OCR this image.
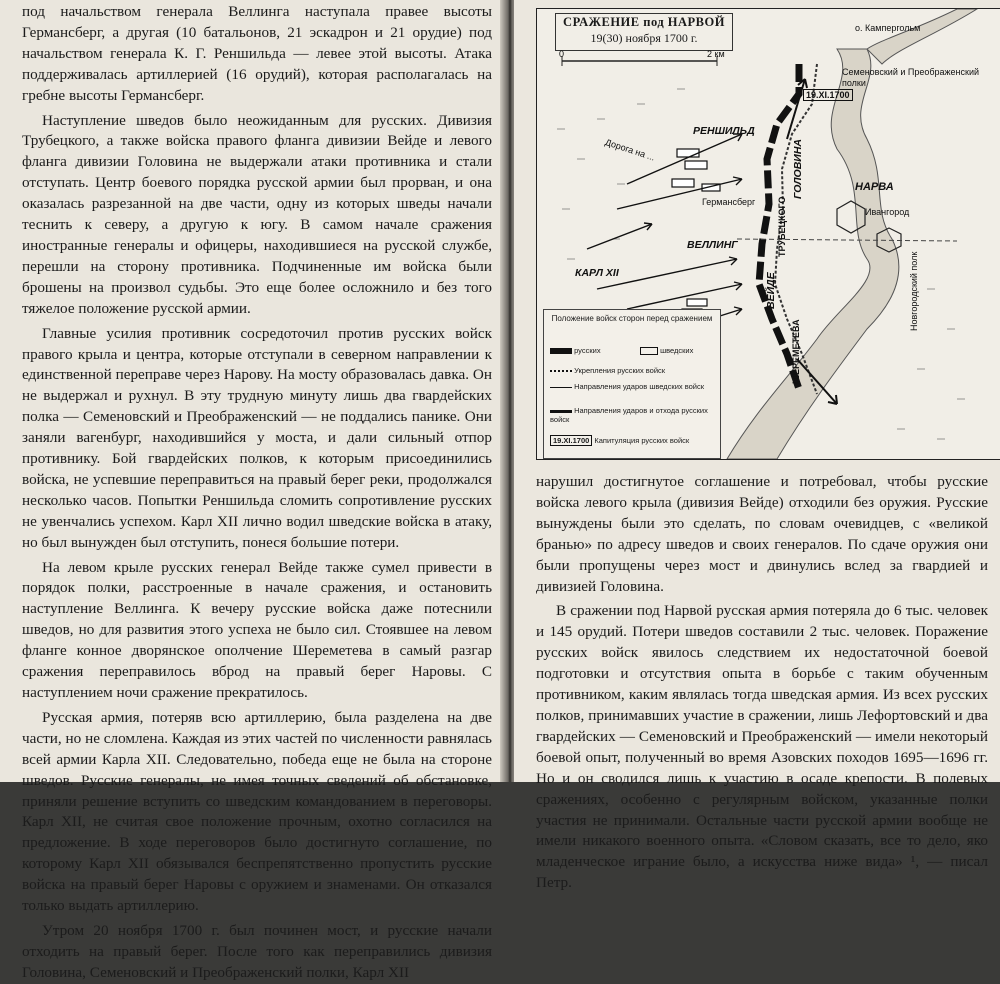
под начальством генерала Веллинга наступала правее высоты Германсберг, а другая (10 батальонов, 21 эскадрон и 21 орудие) под начальством генерала К. Г. Реншильда — левее этой высоты. Атака поддерживалась артиллерией (16 орудий), которая располагалась на гребне высоты Германсберг.

Наступление шведов было неожиданным для русских. Дивизия Трубецкого, а также войска правого фланга дивизии Вейде и левого фланга дивизии Головина не выдержали атаки противника и стали отступать. Центр боевого порядка русской армии был прорван, и она оказалась разрезанной на две части, одну из которых шведы начали теснить к северу, а другую к югу. В самом начале сражения иностранные генералы и офицеры, находившиеся на русской службе, перешли на сторону противника. Подчиненные им войска были брошены на произвол судьбы. Это еще более осложнило и без того тяжелое положение русской армии.

Главные усилия противник сосредоточил против русских войск правого крыла и центра, которые отступали в северном направлении к единственной переправе через Нарову. На мосту образовалась давка. Он не выдержал и рухнул. В эту трудную минуту лишь два гвардейских полка — Семеновский и Преображенский — не поддались панике. Они заняли вагенбург, находившийся у моста, и дали сильный отпор противнику. Бой гвардейских полков, к которым присоединились войска, не успевшие переправиться на правый берег реки, продолжался несколько часов. Попытки Реншильда сломить сопротивление русских не увенчались успехом. Карл XII лично водил шведские войска в атаку, но был вынужден был отступить, понеся большие потери.

На левом крыле русских генерал Вейде также сумел привести в порядок полки, расстроенные в начале сражения, и остановить наступление Веллинга. К вечеру русские войска даже потеснили шведов, но для развития этого успеха не было сил. Стоявшее на левом фланге конное дворянское ополчение Шереметева в самый разгар сражения переправилось вброд на правый берег Наровы. С наступлением ночи сражение прекратилось.

Русская армия, потеряв всю артиллерию, была разделена на две части, но не сломлена. Каждая из этих частей по численности равнялась всей армии Карла XII. Следовательно, победа еще не была на стороне шведов. Русские генералы, не имея точных сведений об обстановке, приняли решение вступить со шведским командованием в переговоры. Карл XII, не считая свое положение прочным, охотно согласился на предложение. В ходе переговоров было достигнуто соглашение, по которому Карл XII обязывался беспрепятственно пропустить русские войска на правый берег Наровы с оружием и знаменами. Он отказался только выдать артиллерию.

Утром 20 ноября 1700 г. был починен мост, и русские начали отходить на правый берег. После того как переправились дивизия Головина, Семеновский и Преображенский полки, Карл XII

СРАЖЕНИЕ под НАРВОЙ
19(30) ноября 1700 г.
0	2 км
о. Кампергольм
Семеновский и Преображенский полки
19.XI.1700
РЕНШИЛЬД
ГОЛОВИНА	НАРВА
ТРУБЕЦКОГО	Ивангород
Германсберг
ВЕЛЛИНГ
КАРЛ XII	ВЕЙДЕ
ШЕРЕМЕТЕВА
Новгородский полк
Дорога на ...
Положение войск сторон перед сражением
русских	шведских
Укрепления русских войск
Направления ударов шведских войск
Направления ударов и отхода русских войск
19.XI.1700 Капитуляция русских войск

нарушил достигнутое соглашение и потребовал, чтобы русские войска левого крыла (дивизия Вейде) отходили без оружия. Русские вынуждены были это сделать, по словам очевидцев, с «великой бранью» по адресу шведов и своих генералов. По сдаче оружия они были пропущены через мост и двинулись вслед за гвардией и дивизией Головина.

В сражении под Нарвой русская армия потеряла до 6 тыс. человек и 145 орудий. Потери шведов составили 2 тыс. человек. Поражение русских войск явилось следствием их недостаточной боевой подготовки и отсутствия опыта в борьбе с таким обученным противником, каким являлась тогда шведская армия. Из всех русских полков, принимавших участие в сражении, лишь Лефортовский и два гвардейских — Семеновский и Преображенский — имели некоторый боевой опыт, полученный во время Азовских походов 1695—1696 гг. Но и он сводился лишь к участию в осаде крепости. В полевых сражениях, особенно с регулярным войском, указанные полки участия не принимали. Остальные части русской армии вообще не имели никакого военного опыта. «Словом сказать, все то дело, яко младенческое играние было, а искусства ниже вида» ¹, — писал Петр.
